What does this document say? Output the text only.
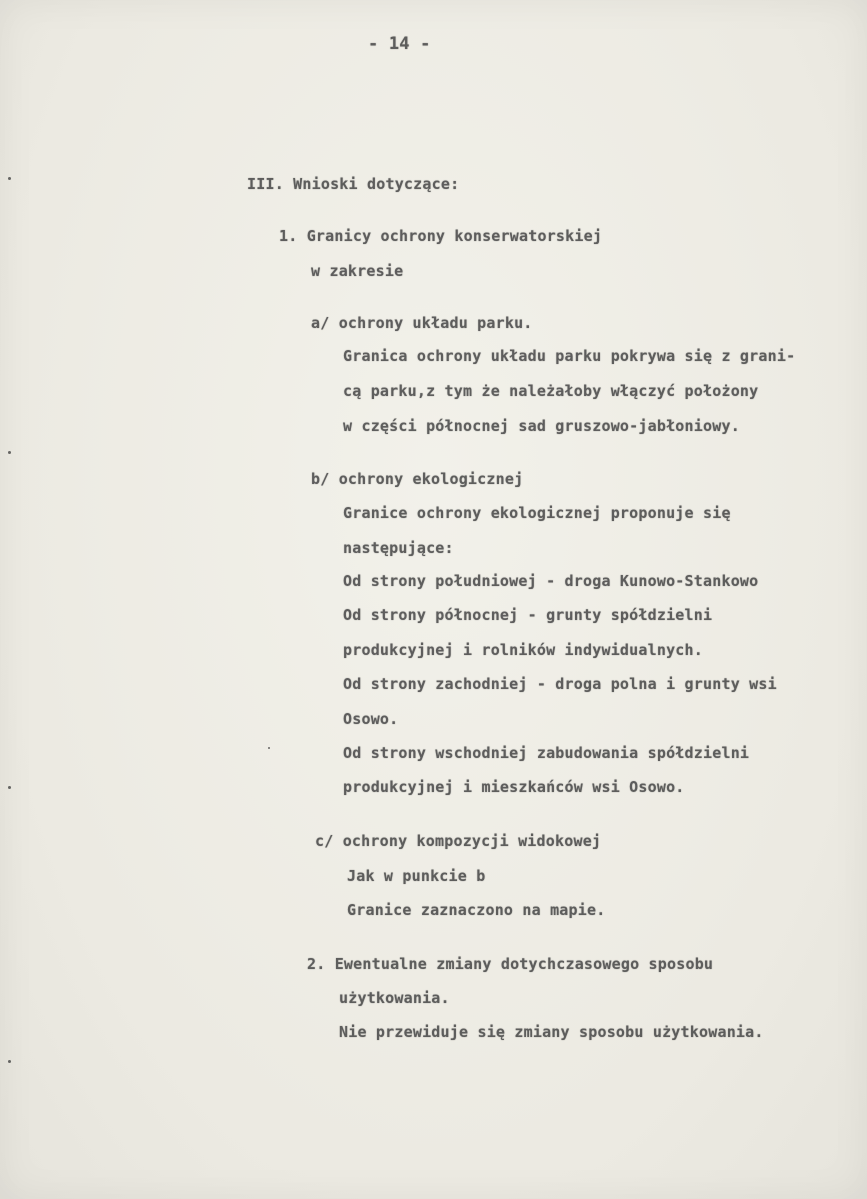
- 14 -
III. Wnioski dotyczące:
1. Granicy ochrony konserwatorskiej
w zakresie
a/ ochrony układu parku.
Granica ochrony układu parku pokrywa się z grani-
cą parku,z tym że należałoby włączyć położony
w części północnej sad gruszowo-jabłoniowy.
b/ ochrony ekologicznej
Granice ochrony ekologicznej proponuje się
następujące:
Od strony południowej - droga Kunowo-Stankowo
Od strony północnej - grunty spółdzielni
produkcyjnej i rolników indywidualnych.
Od strony zachodniej - droga polna i grunty wsi
Osowo.
Od strony wschodniej zabudowania spółdzielni
produkcyjnej i mieszkańców wsi Osowo.
c/ ochrony kompozycji widokowej
Jak w punkcie b
Granice zaznaczono na mapie.
2. Ewentualne zmiany dotychczasowego sposobu
użytkowania.
Nie przewiduje się zmiany sposobu użytkowania.
